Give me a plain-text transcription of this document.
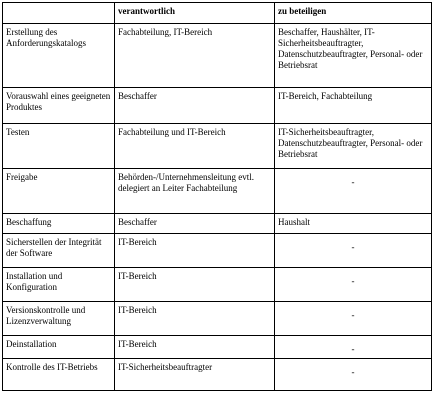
	verantwortlich	zu beteiligen
Erstellung des Anforderungskatalogs	Fachabteilung, IT-Bereich	Beschaffer, Haushälter, IT-Sicherheitsbeauftragter, Datenschutzbeauftragter, Personal- oder Betriebsrat
Vorauswahl eines geeigneten Produktes	Beschaffer	IT-Bereich, Fachabteilung
Testen	Fachabteilung und IT-Bereich	IT-Sicherheitsbeauftragter, Datenschutzbeauftragter, Personal- oder Betriebsrat
Freigabe	Behörden-/Unternehmensleitung evtl. delegiert an Leiter Fachabteilung	-

Beschaffung	Beschaffer	Haushalt
Sicherstellen der Integrität der Software	IT-Bereich	-

Installation und Konfiguration	IT-Bereich	-

Versionskontrolle und Lizenzverwaltung	IT-Bereich	-

Deinstallation	IT-Bereich	-

Kontrolle des IT-Betriebs	IT-Sicherheitsbeauftragter	-
